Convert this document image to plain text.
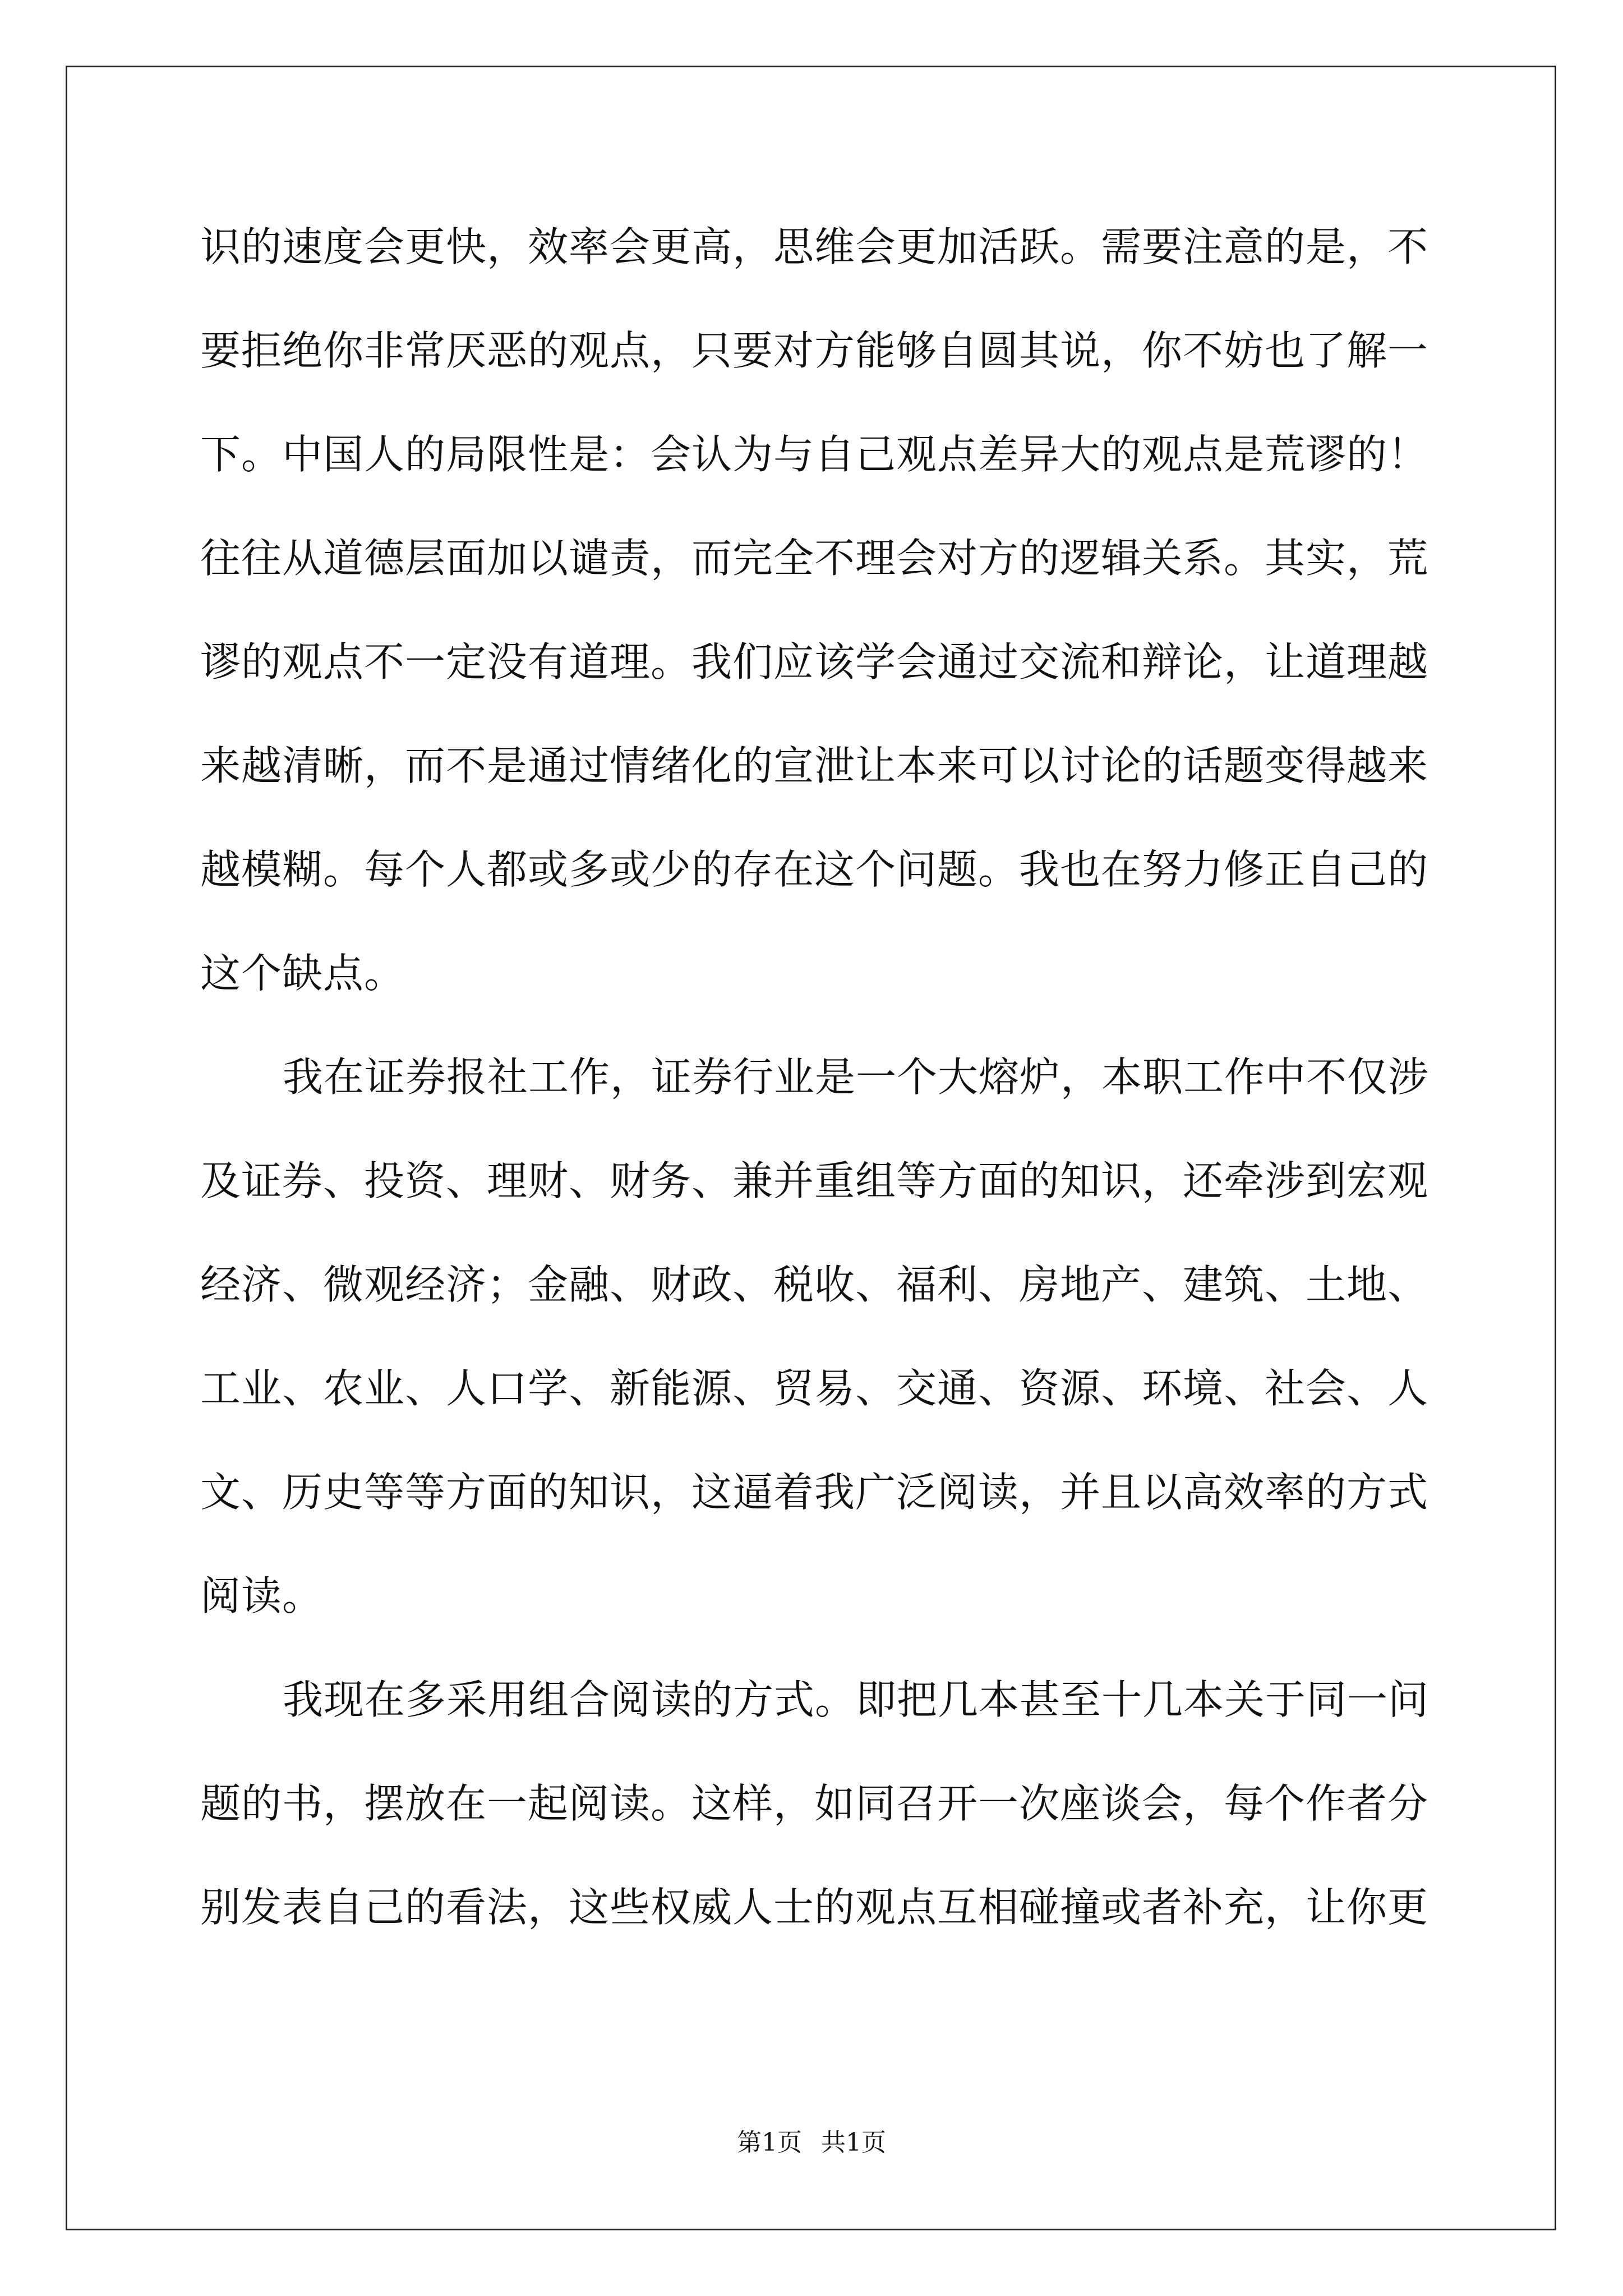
识的速度会更快，效率会更高，思维会更加活跃。需要注意的是，不
要拒绝你非常厌恶的观点，只要对方能够自圆其说，你不妨也了解一
下。中国人的局限性是：会认为与自己观点差异大的观点是荒谬的！
往往从道德层面加以谴责，而完全不理会对方的逻辑关系。其实，荒
谬的观点不一定没有道理。我们应该学会通过交流和辩论，让道理越
来越清晰，而不是通过情绪化的宣泄让本来可以讨论的话题变得越来
越模糊。每个人都或多或少的存在这个问题。我也在努力修正自己的
这个缺点。
我在证券报社工作，证券行业是一个大熔炉，本职工作中不仅涉
及证券、投资、理财、财务、兼并重组等方面的知识，还牵涉到宏观
经济、微观经济；金融、财政、税收、福利、房地产、建筑、土地、
工业、农业、人口学、新能源、贸易、交通、资源、环境、社会、人
文、历史等等方面的知识，这逼着我广泛阅读，并且以高效率的方式
阅读。
我现在多采用组合阅读的方式。即把几本甚至十几本关于同一问
题的书，摆放在一起阅读。这样，如同召开一次座谈会，每个作者分
别发表自己的看法，这些权威人士的观点互相碰撞或者补充，让你更
第1页 共1页
